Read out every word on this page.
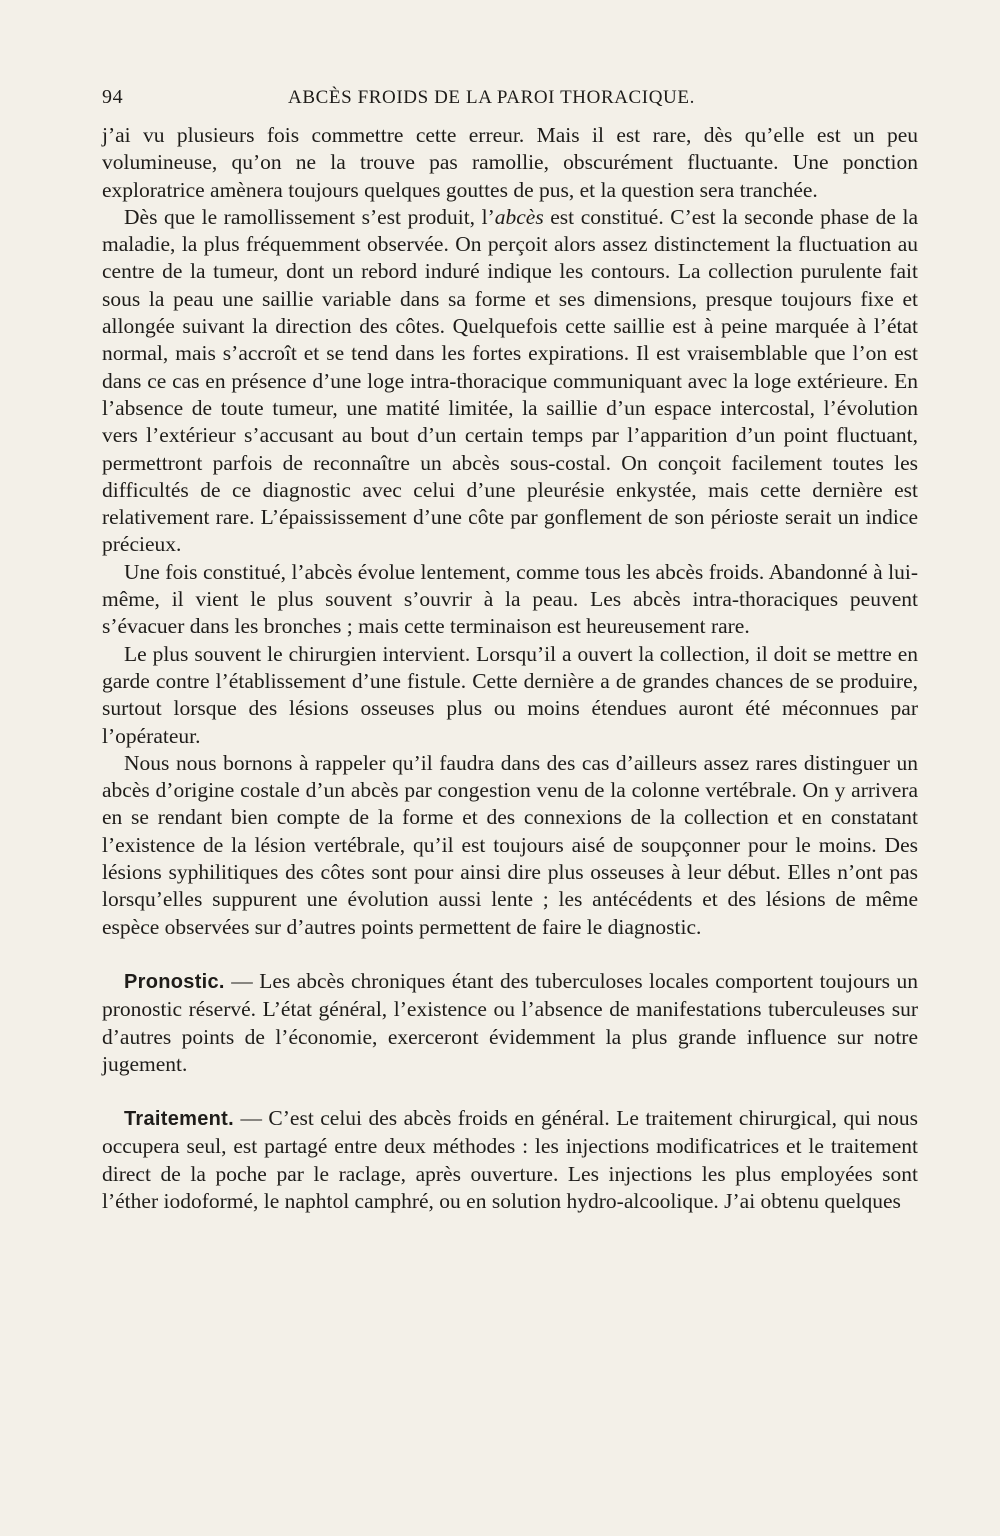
94	ABCÈS FROIDS DE LA PAROI THORACIQUE.

j’ai vu plusieurs fois commettre cette erreur. Mais il est rare, dès qu’elle est un peu volumineuse, qu’on ne la trouve pas ramollie, obscurément fluctuante. Une ponction exploratrice amènera toujours quelques gouttes de pus, et la question sera tranchée.

Dès que le ramollissement s’est produit, l’abcès est constitué. C’est la seconde phase de la maladie, la plus fréquemment observée. On perçoit alors assez distinctement la fluctuation au centre de la tumeur, dont un rebord induré indique les contours. La collection purulente fait sous la peau une saillie variable dans sa forme et ses dimensions, presque toujours fixe et allongée suivant la direction des côtes. Quelquefois cette saillie est à peine marquée à l’état normal, mais s’accroît et se tend dans les fortes expirations. Il est vraisemblable que l’on est dans ce cas en présence d’une loge intra-thoracique communiquant avec la loge extérieure. En l’absence de toute tumeur, une matité limitée, la saillie d’un espace intercostal, l’évolution vers l’extérieur s’accusant au bout d’un certain temps par l’apparition d’un point fluctuant, permettront parfois de reconnaître un abcès sous-costal. On conçoit facilement toutes les difficultés de ce diagnostic avec celui d’une pleurésie enkystée, mais cette dernière est relativement rare. L’épaississement d’une côte par gonflement de son périoste serait un indice précieux.

Une fois constitué, l’abcès évolue lentement, comme tous les abcès froids. Abandonné à lui-même, il vient le plus souvent s’ouvrir à la peau. Les abcès intra-thoraciques peuvent s’évacuer dans les bronches ; mais cette terminaison est heureusement rare.

Le plus souvent le chirurgien intervient. Lorsqu’il a ouvert la collection, il doit se mettre en garde contre l’établissement d’une fistule. Cette dernière a de grandes chances de se produire, surtout lorsque des lésions osseuses plus ou moins étendues auront été méconnues par l’opérateur.

Nous nous bornons à rappeler qu’il faudra dans des cas d’ailleurs assez rares distinguer un abcès d’origine costale d’un abcès par congestion venu de la colonne vertébrale. On y arrivera en se rendant bien compte de la forme et des connexions de la collection et en constatant l’existence de la lésion vertébrale, qu’il est toujours aisé de soupçonner pour le moins. Des lésions syphilitiques des côtes sont pour ainsi dire plus osseuses à leur début. Elles n’ont pas lorsqu’elles suppurent une évolution aussi lente ; les antécédents et des lésions de même espèce observées sur d’autres points permettent de faire le diagnostic.

Pronostic. — Les abcès chroniques étant des tuberculoses locales comportent toujours un pronostic réservé. L’état général, l’existence ou l’absence de manifestations tuberculeuses sur d’autres points de l’économie, exerceront évidemment la plus grande influence sur notre jugement.

Traitement. — C’est celui des abcès froids en général. Le traitement chirurgical, qui nous occupera seul, est partagé entre deux méthodes : les injections modificatrices et le traitement direct de la poche par le raclage, après ouverture. Les injections les plus employées sont l’éther iodoformé, le naphtol camphré, ou en solution hydro-alcoolique. J’ai obtenu quelques
